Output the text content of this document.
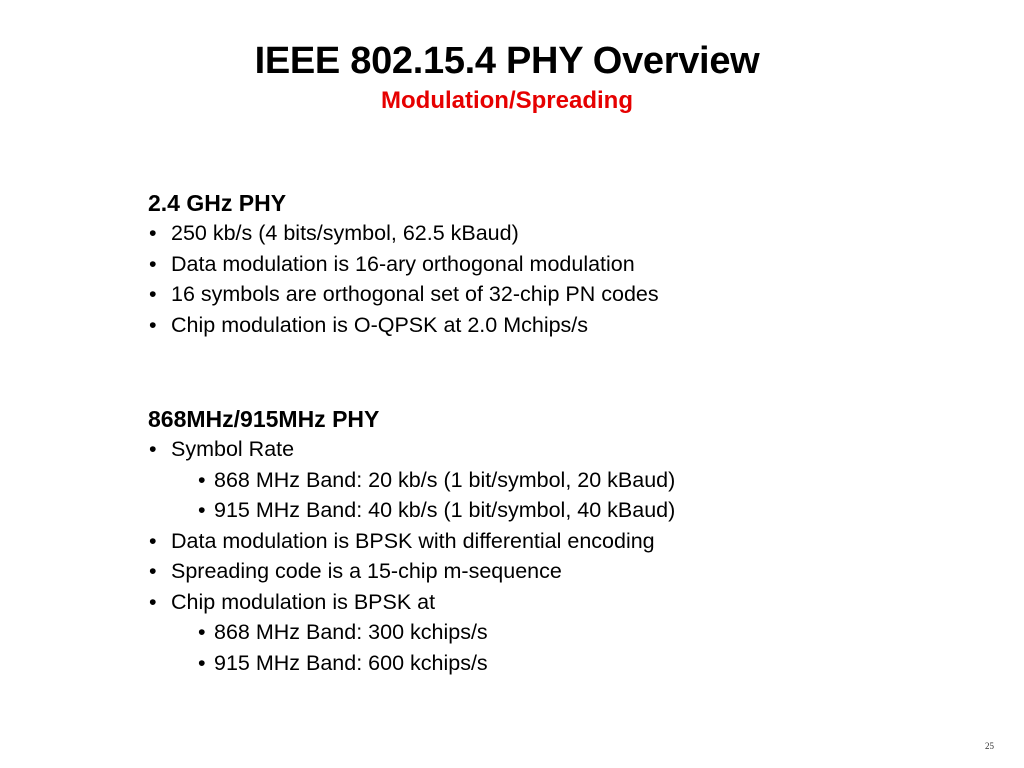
IEEE 802.15.4 PHY Overview
Modulation/Spreading
2.4 GHz PHY
• 250 kb/s (4 bits/symbol, 62.5 kBaud)
• Data modulation is 16-ary orthogonal modulation
• 16 symbols are orthogonal set of 32-chip PN codes
• Chip modulation is O-QPSK at 2.0 Mchips/s
868MHz/915MHz PHY
• Symbol Rate
• 868 MHz Band: 20 kb/s (1 bit/symbol, 20 kBaud)
• 915 MHz Band: 40 kb/s (1 bit/symbol, 40 kBaud)
• Data modulation is BPSK with differential encoding
• Spreading code is a 15-chip m-sequence
• Chip modulation is BPSK at
• 868 MHz Band: 300 kchips/s
• 915 MHz Band: 600 kchips/s
25
